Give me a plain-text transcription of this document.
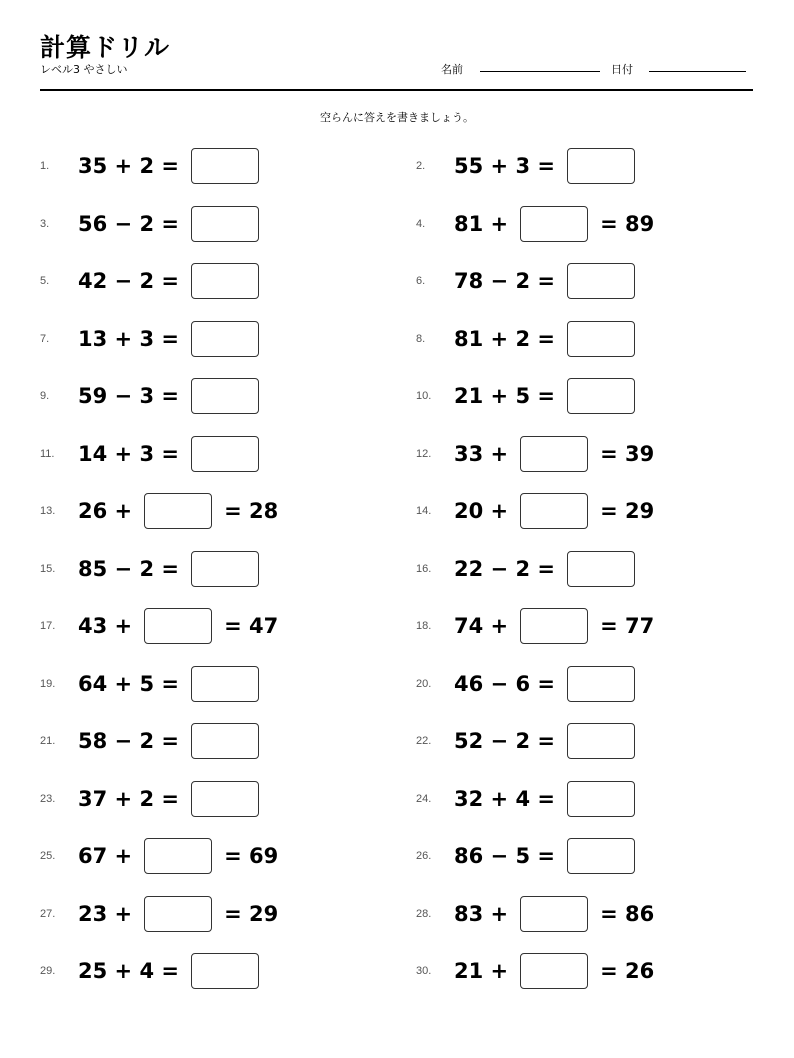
計算ドリル
レベル3 やさしい	名前	日付
空らんに答えを書きましょう。
1.	35 + 2 =	2.	55 + 3 =
3.	56 − 2 =	4.	81 +	= 89
5.	42 − 2 =	6.	78 − 2 =
7.	13 + 3 =	8.	81 + 2 =
9.	59 − 3 =	10.	21 + 5 =
11.	14 + 3 =	12.	33 +	= 39
13.	26 +	= 28	14.	20 +	= 29
15.	85 − 2 =	16.	22 − 2 =
17.	43 +	= 47	18.	74 +	= 77
19.	64 + 5 =	20.	46 − 6 =
21.	58 − 2 =	22.	52 − 2 =
23.	37 + 2 =	24.	32 + 4 =
25.	67 +	= 69	26.	86 − 5 =
27.	23 +	= 29	28.	83 +	= 86
29.	25 + 4 =	30.	21 +	= 26
